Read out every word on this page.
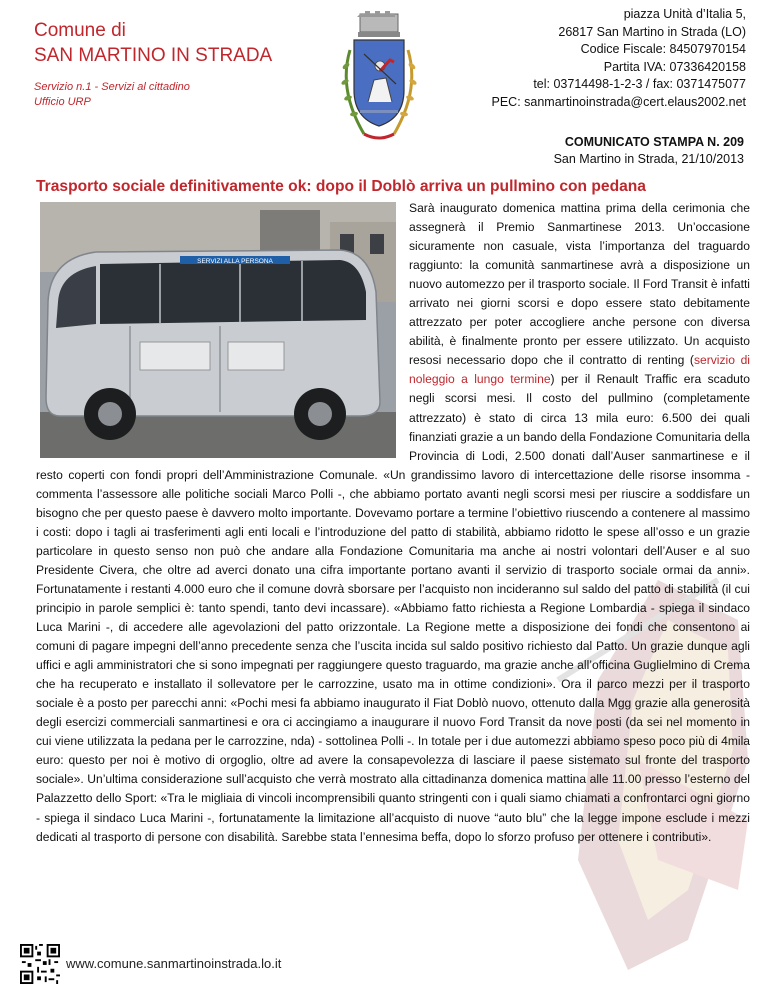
Comune di
SAN MARTINO IN STRADA
Servizio n.1 - Servizi al cittadino
Ufficio URP
piazza Unità d’Italia 5,
26817 San Martino in Strada (LO)
Codice Fiscale: 84507970154
Partita IVA: 07336420158
tel: 03714498-1-2-3 / fax: 0371475077
PEC: sanmartinoinstrada@cert.elaus2002.net
COMUNICATO STAMPA N. 209
San Martino in Strada, 21/10/2013
Trasporto sociale definitivamente ok: dopo il Doblò arriva un pullmino con pedana
SERVIZI ALLA PERSONA
Sarà inaugurato domenica mattina prima della cerimonia che assegnerà il Premio Sanmartinese 2013. Un’occasione sicuramente non casuale, vista l’importanza del traguardo raggiunto: la comunità sanmartinese avrà a disposizione un nuovo automezzo per il trasporto sociale. Il Ford Transit è infatti arrivato nei giorni scorsi e dopo essere stato debitamente attrezzato per poter accogliere anche persone con diversa abilità, è finalmente pronto per essere utilizzato. Un acquisto resosi necessario dopo che il contratto di renting (servizio di noleggio a lungo termine) per il Renault Traffic era scaduto negli scorsi mesi. Il costo del pullmino (completamente attrezzato) è stato di circa 13 mila euro: 6.500 dei quali finanziati grazie a un bando della Fondazione Comunitaria della Provincia di Lodi, 2.500 donati dall’Auser sanmartinese e il resto coperti con fondi propri dell’Amministrazione Comunale. «Un grandissimo lavoro di intercettazione delle risorse insomma - commenta l’assessore alle politiche sociali Marco Polli -, che abbiamo portato avanti negli scorsi mesi per riuscire a soddisfare un bisogno che per questo paese è davvero molto importante. Dovevamo portare a termine l’obiettivo riuscendo a contenere al massimo i costi: dopo i tagli ai trasferimenti agli enti locali e l’introduzione del patto di stabilità, abbiamo ridotto le spese all’osso e un grazie particolare in questo senso non può che andare alla Fondazione Comunitaria ma anche ai nostri volontari dell’Auser e al suo Presidente Civera, che oltre ad averci donato una cifra importante portano avanti il servizio di trasporto sociale ormai da anni». Fortunatamente i restanti 4.000 euro che il comune dovrà sborsare per l’acquisto non incideranno sul saldo del patto di stabilità (il cui principio in parole semplici è: tanto spendi, tanto devi incassare). «Abbiamo fatto richiesta a Regione Lombardia - spiega il sindaco Luca Marini -, di accedere alle agevolazioni del patto orizzontale. La Regione mette a disposizione dei fondi che consentono ai comuni di pagare impegni dell’anno precedente senza che l’uscita incida sul saldo positivo richiesto dal Patto. Un grazie dunque agli uffici e agli amministratori che si sono impegnati per raggiungere questo traguardo, ma grazie anche all’officina Guglielmino di Crema che ha recuperato e installato il sollevatore per le carrozzine, usato ma in ottime condizioni». Ora il parco mezzi per il trasporto sociale è a posto per parecchi anni: «Pochi mesi fa abbiamo inaugurato il Fiat Doblò nuovo, ottenuto dalla Mgg grazie alla generosità degli esercizi commerciali sanmartinesi e ora ci accingiamo a inaugurare il nuovo Ford Transit da nove posti (da sei nel momento in cui viene utilizzata la pedana per le carrozzine, nda) - sottolinea Polli -. In totale per i due automezzi abbiamo speso poco più di 4mila euro: questo per noi è motivo di orgoglio, oltre ad avere la consapevolezza di lasciare il paese sistemato sul fronte del trasporto sociale». Un’ultima considerazione sull’acquisto che verrà mostrato alla cittadinanza domenica mattina alle 11.00 presso l’esterno del Palazzetto dello Sport: «Tra le migliaia di vincoli incomprensibili quanto stringenti con i quali siamo chiamati a confrontarci ogni giorno - spiega il sindaco Luca Marini -, fortunatamente la limitazione all’acquisto di nuove “auto blu” che la legge impone esclude i mezzi dedicati al trasporto di persone con disabilità. Sarebbe stata l’ennesima beffa, dopo lo sforzo profuso per ottenere i contributi».
www.comune.sanmartinoinstrada.lo.it
